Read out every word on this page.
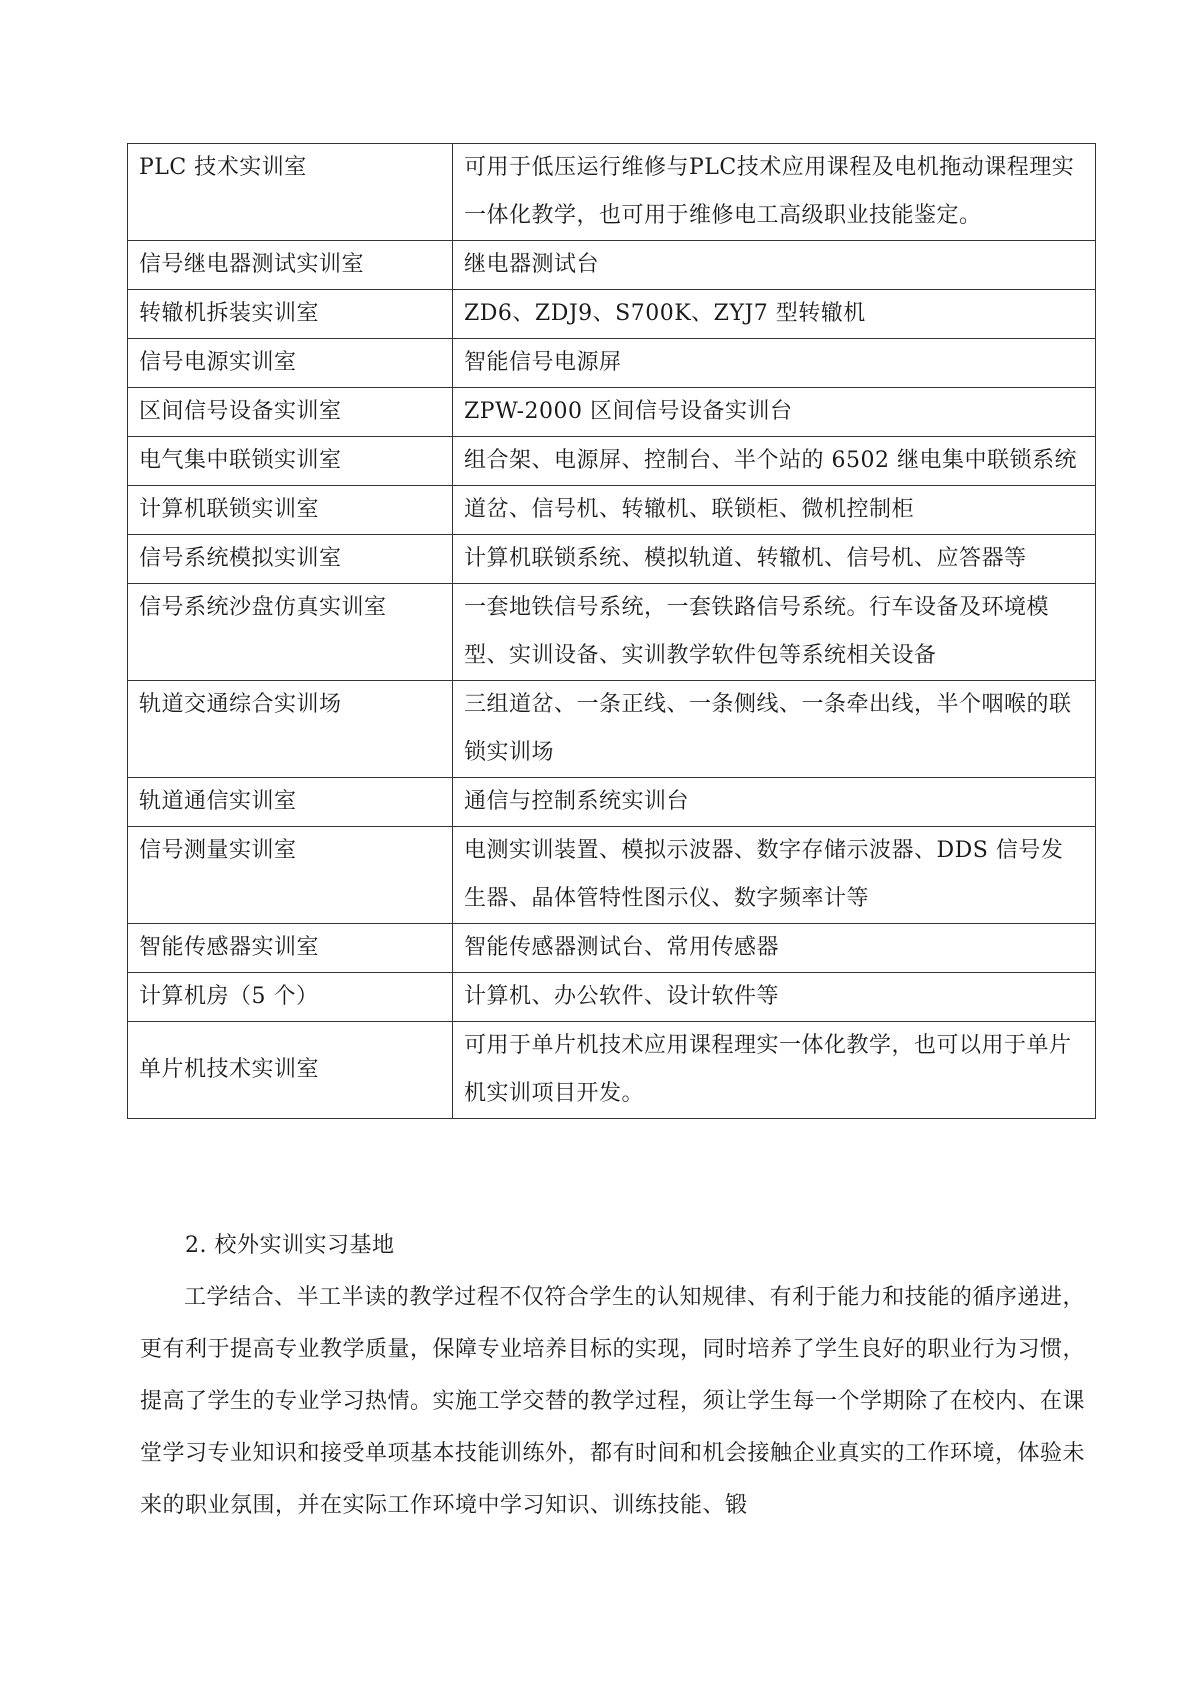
PLC 技术实训室	可用于低压运行维修与PLC技术应用课程及电机拖动课程理实一体化教学，也可用于维修电工高级职业技能鉴定。
信号继电器测试实训室	继电器测试台
转辙机拆装实训室	ZD6、ZDJ9、S700K、ZYJ7 型转辙机
信号电源实训室	智能信号电源屏
区间信号设备实训室	ZPW-2000 区间信号设备实训台
电气集中联锁实训室	组合架、电源屏、控制台、半个站的 6502 继电集中联锁系统
计算机联锁实训室	道岔、信号机、转辙机、联锁柜、微机控制柜
信号系统模拟实训室	计算机联锁系统、模拟轨道、转辙机、信号机、应答器等
信号系统沙盘仿真实训室	一套地铁信号系统，一套铁路信号系统。行车设备及环境模型、实训设备、实训教学软件包等系统相关设备
轨道交通综合实训场	三组道岔、一条正线、一条侧线、一条牵出线，半个咽喉的联锁实训场
轨道通信实训室	通信与控制系统实训台
信号测量实训室	电测实训装置、模拟示波器、数字存储示波器、DDS 信号发生器、晶体管特性图示仪、数字频率计等
智能传感器实训室	智能传感器测试台、常用传感器
计算机房（5 个）	计算机、办公软件、设计软件等
单片机技术实训室	可用于单片机技术应用课程理实一体化教学，也可以用于单片机实训项目开发。

2. 校外实训实习基地

工学结合、半工半读的教学过程不仅符合学生的认知规律、有利于能力和技能的循序递进，更有利于提高专业教学质量，保障专业培养目标的实现，同时培养了学生良好的职业行为习惯，提高了学生的专业学习热情。实施工学交替的教学过程，须让学生每一个学期除了在校内、在课堂学习专业知识和接受单项基本技能训练外，都有时间和机会接触企业真实的工作环境，体验未来的职业氛围，并在实际工作环境中学习知识、训练技能、锻
